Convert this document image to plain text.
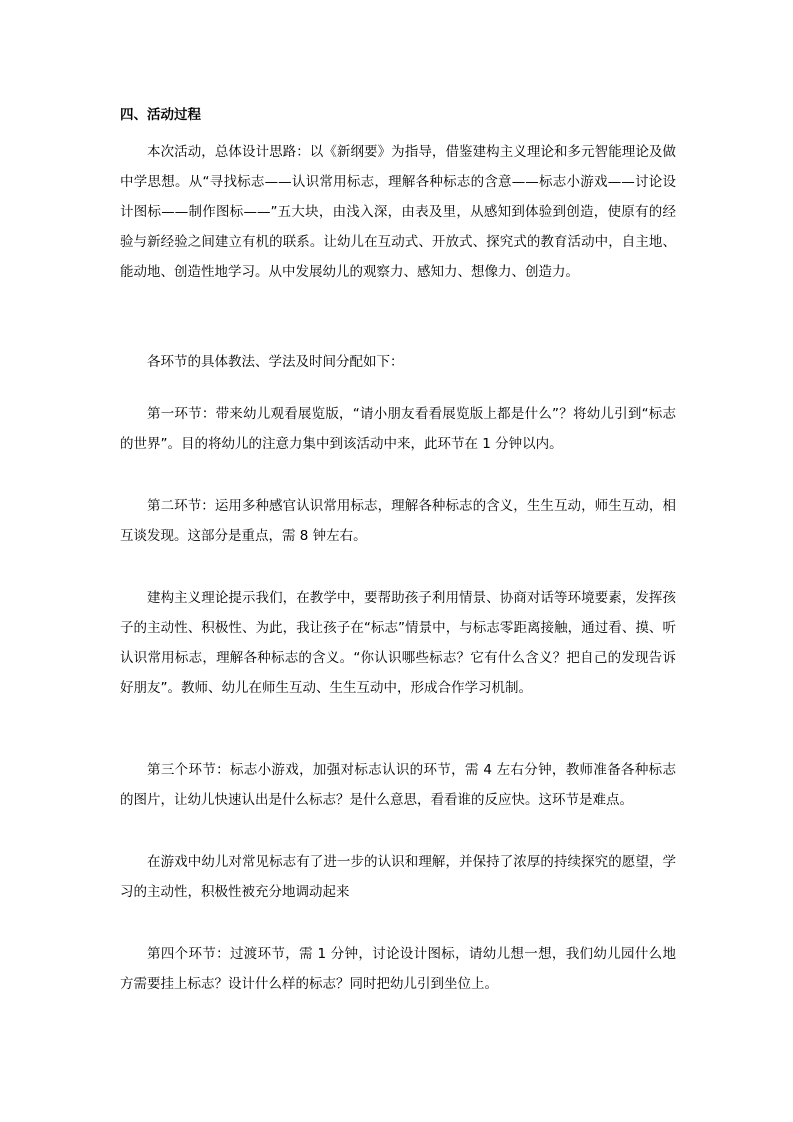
四、活动过程

本次活动，总体设计思路：以《新纲要》为指导，借鉴建构主义理论和多元智能理论及做中学思想。从“寻找标志——认识常用标志，理解各种标志的含意——标志小游戏——讨论设计图标——制作图标——”五大块，由浅入深，由表及里，从感知到体验到创造，使原有的经验与新经验之间建立有机的联系。让幼儿在互动式、开放式、探究式的教育活动中，自主地、能动地、创造性地学习。从中发展幼儿的观察力、感知力、想像力、创造力。

各环节的具体教法、学法及时间分配如下：

第一环节：带来幼儿观看展览版，“请小朋友看看展览版上都是什么”？将幼儿引到“标志的世界”。目的将幼儿的注意力集中到该活动中来，此环节在 1 分钟以内。

第二环节：运用多种感官认识常用标志，理解各种标志的含义，生生互动，师生互动，相互谈发现。这部分是重点，需 8 钟左右。

建构主义理论提示我们，在教学中，要帮助孩子利用情景、协商对话等环境要素，发挥孩子的主动性、积极性、为此，我让孩子在“标志”情景中，与标志零距离接触，通过看、摸、听认识常用标志，理解各种标志的含义。“你认识哪些标志？它有什么含义？把自己的发现告诉好朋友”。教师、幼儿在师生互动、生生互动中，形成合作学习机制。

第三个环节：标志小游戏，加强对标志认识的环节，需 4 左右分钟，教师准备各种标志的图片，让幼儿快速认出是什么标志？是什么意思，看看谁的反应快。这环节是难点。

在游戏中幼儿对常见标志有了进一步的认识和理解，并保持了浓厚的持续探究的愿望，学习的主动性，积极性被充分地调动起来

第四个环节：过渡环节，需 1 分钟，讨论设计图标，请幼儿想一想，我们幼儿园什么地方需要挂上标志？设计什么样的标志？同时把幼儿引到坐位上。
